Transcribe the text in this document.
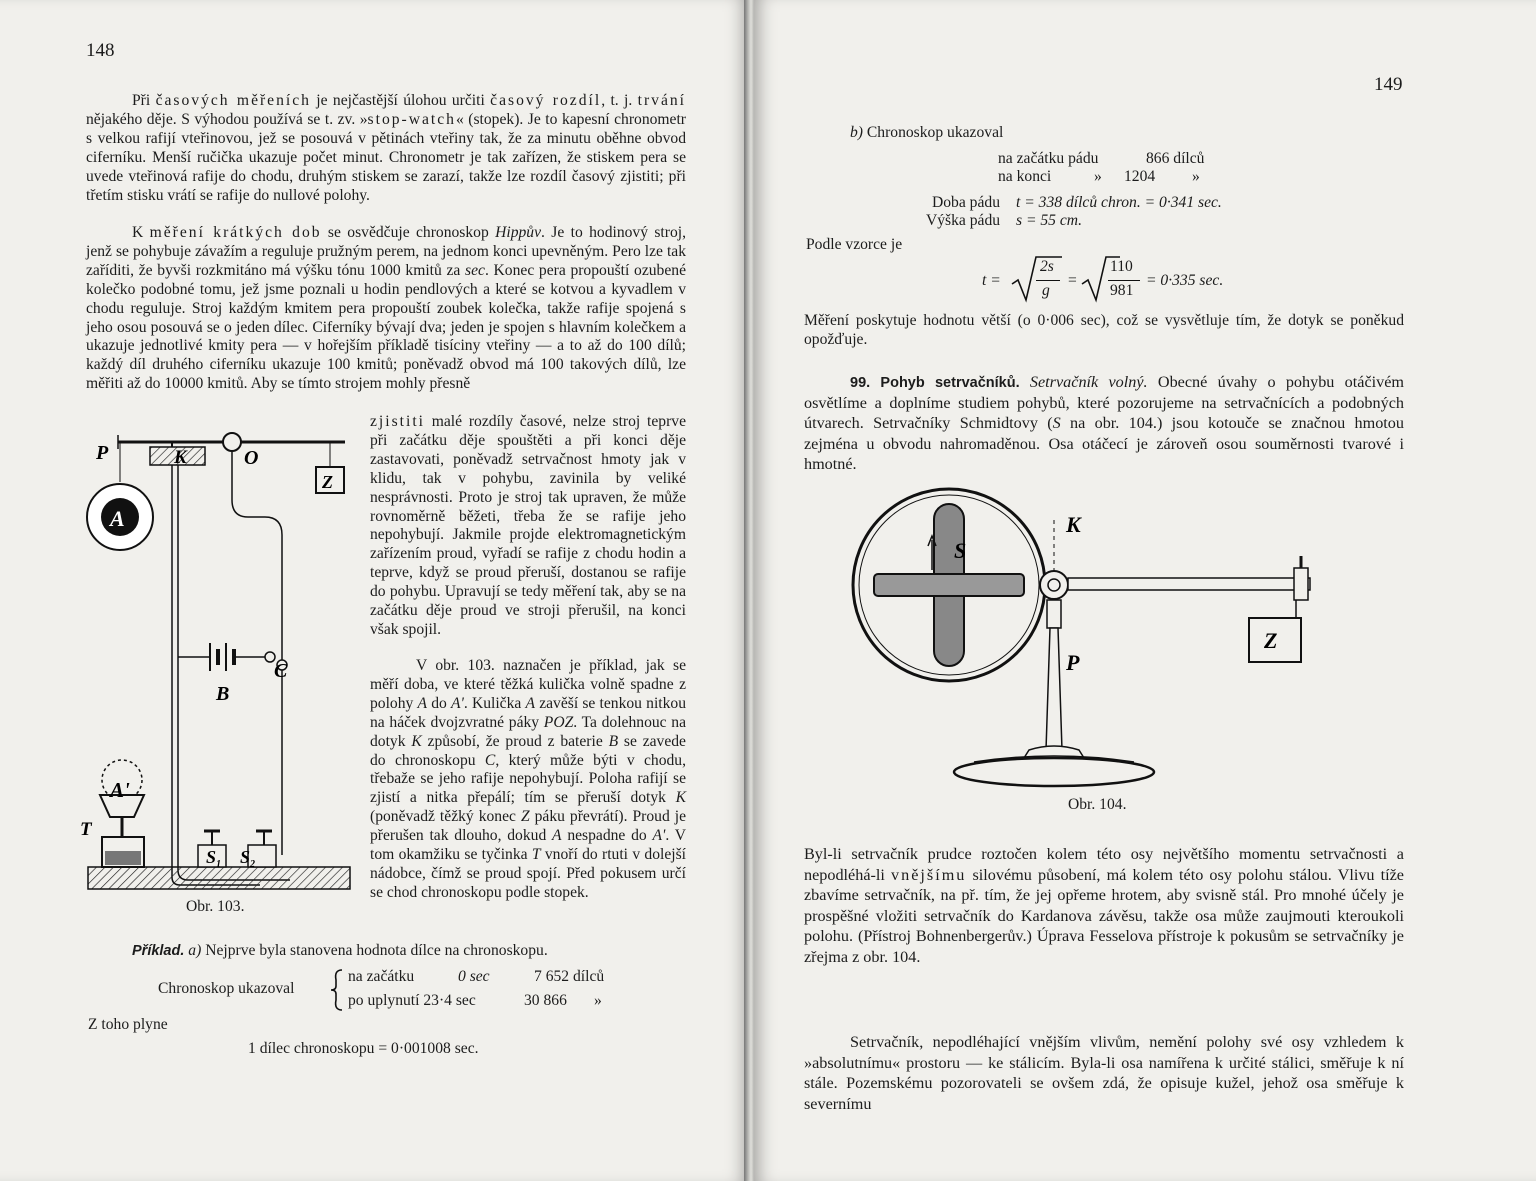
148

Při časových měřeních je nejčastější úlohou určiti časový rozdíl, t. j. trvání nějakého děje. S výhodou používá se t. zv. »stop-watch« (stopek). Je to kapesní chronometr s velkou rafijí vteřinovou, jež se posouvá v pětinách vteřiny tak, že za minutu oběhne obvod ciferníku. Menší ručička ukazuje počet minut. Chronometr je tak zařízen, že stiskem pera se uvede vteřinová rafije do chodu, druhým stiskem se zarazí, takže lze rozdíl časový zjistiti; při třetím stisku vrátí se rafije do nullové polohy.

K měření krátkých dob se osvědčuje chronoskop Hippův. Je to hodinový stroj, jenž se pohybuje závažím a reguluje pružným perem, na jednom konci upevněným. Pero lze tak zaříditi, že byvši rozkmitáno má výšku tónu 1000 kmitů za sec. Konec pera propouští ozubené kolečko podobné tomu, jež jsme poznali u hodin pendlových a které se kotvou a kyvadlem v chodu reguluje. Stroj každým kmitem pera propouští zoubek kolečka, takže rafije spojená s jeho osou posouvá se o jeden dílec. Ciferníky bývají dva; jeden je spojen s hlavním kolečkem a ukazuje jednotlivé kmity pera — v hořejším příkladě tisíciny vteřiny — a to až do 100 dílů; každý díl druhého ciferníku ukazuje 100 kmitů; poněvadž obvod má 100 takových dílů, lze měřiti až do 10000 kmitů. Aby se tímto strojem mohly přesně

zjistiti malé rozdíly časové, nelze stroj teprve při začátku děje spouštěti a při konci děje zastavovati, poněvadž setrvačnost hmoty jak v klidu, tak v pohybu, zavinila by veliké nesprávnosti. Proto je stroj tak upraven, že může rovnoměrně běžeti, třeba že se rafije jeho nepohybují. Jakmile projde elektromagnetickým zařízením proud, vyřadí se rafije z chodu hodin a teprve, když se proud přeruší, dostanou se rafije do pohybu. Upravují se tedy měření tak, aby se na začátku děje proud ve stroji přerušil, na konci však spojil.

V obr. 103. naznačen je příklad, jak se měří doba, ve které těžká kulička volně spadne z polohy A do A'. Kulička A zavěší se tenkou nitkou na háček dvojzvratné páky POZ. Ta dolehnouc na dotyk K způsobí, že proud z baterie B se zavede do chronoskopu C, který může býti v chodu, třebaže se jeho rafije nepohybují. Poloha rafijí se zjistí a nitka přepálí; tím se přeruší dotyk K (poněvadž těžký konec Z páku převrátí). Proud je přerušen tak dlouho, dokud A nespadne do A'. V tom okamžiku se tyčinka T vnoří do rtuti v dolejší nádobce, čímž se proud spojí. Před pokusem určí se chod chronoskopu podle stopek.

P	K	O
Z
A
B
C
A'
T
$S_1$ $S_2$
Obr. 103.
Příklad. a) Nejprve byla stanovena hodnota dílce na chronoskopu.
Chronoskop ukazoval
na začátku	0 sec	7 652 dílců
po uplynutí 23·4 sec	30 866 »
Z toho plyne
1 dílec chronoskopu = 0·001008 sec.

149
b) Chronoskop ukazoval
na začátku pádu	866 dílců
na konci	» 1204 »
Doba pádu t = 338 dílců chron. = 0·341 sec.
Výška pádu s = 55 cm.
Podle vzorce je
t =
2s
g
=
110
981
= 0·335 sec.

Měření poskytuje hodnotu větší (o 0·006 sec), což se vysvětluje tím, že dotyk se poněkud opožďuje.

99. Pohyb setrvačníků. Setrvačník volný. Obecné úvahy o pohybu otáčivém osvětlíme a doplníme studiem pohybů, které pozorujeme na setrvačnících a podobných útvarech. Setrvačníky Schmidtovy (S na obr. 104.) jsou kotouče se značnou hmotou zejména u obvodu nahromaděnou. Osa otáčecí je zároveň osou souměrnosti tvarové i hmotné.

S
K
Z
P
Obr. 104.

Byl-li setrvačník prudce roztočen kolem této osy největšího momentu setrvačnosti a nepodléhá-li vnějšímu silovému působení, má kolem této osy polohu stálou. Vlivu tíže zbavíme setrvačník, na př. tím, že jej opřeme hrotem, aby svisně stál. Pro mnohé účely je prospěšné vložiti setrvačník do Kardanova závěsu, takže osa může zaujmouti kteroukoli polohu. (Přístroj Bohnenbergerův.) Úprava Fesselova přístroje k pokusům se setrvačníky je zřejma z obr. 104.

Setrvačník, nepodléhající vnějším vlivům, nemění polohy své osy vzhledem k »absolutnímu« prostoru — ke stálicím. Byla-li osa namířena k určité stálici, směřuje k ní stále. Pozemskému pozorovateli se ovšem zdá, že opisuje kužel, jehož osa směřuje k severnímu
